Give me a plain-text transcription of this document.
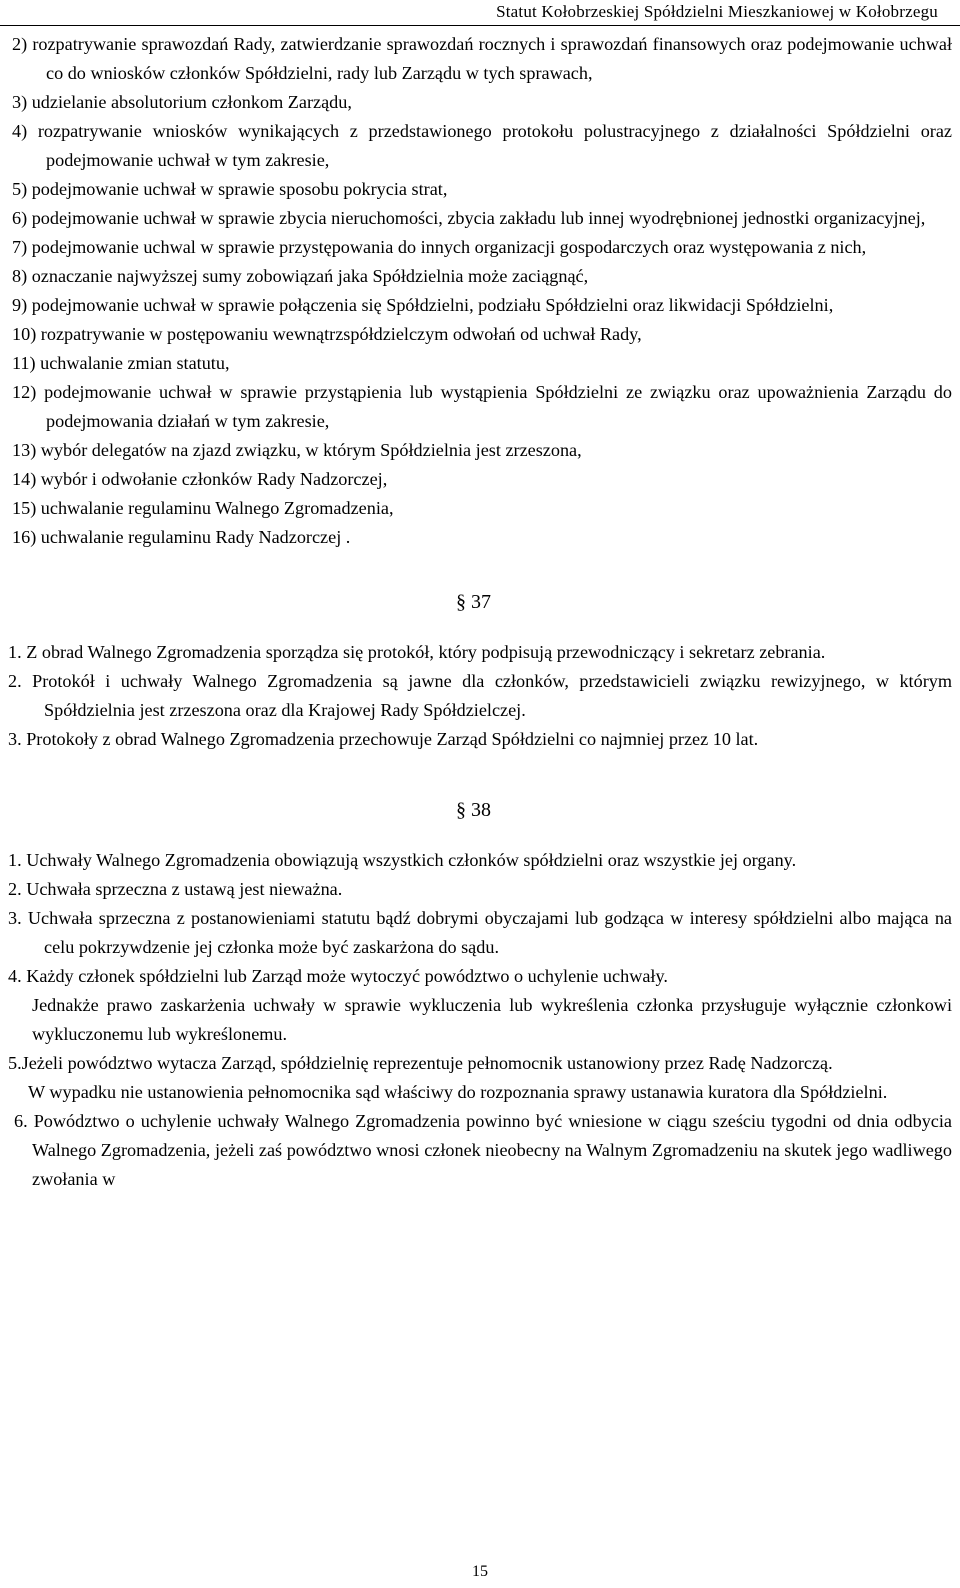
Statut Kołobrzeskiej Spółdzielni Mieszkaniowej w Kołobrzegu
2) rozpatrywanie sprawozdań Rady, zatwierdzanie sprawozdań rocznych i sprawozdań finansowych oraz podejmowanie uchwał co do wniosków członków Spółdzielni, rady lub Zarządu w tych sprawach,
3) udzielanie absolutorium członkom Zarządu,
4) rozpatrywanie wniosków wynikających z przedstawionego protokołu polustracyjnego z działalności Spółdzielni oraz podejmowanie uchwał w tym zakresie,
5) podejmowanie uchwał w sprawie sposobu pokrycia strat,
6) podejmowanie uchwał w sprawie zbycia nieruchomości, zbycia zakładu lub innej wyodrębnionej jednostki organizacyjnej,
7) podejmowanie uchwal w sprawie przystępowania do innych organizacji gospodarczych oraz występowania z nich,
8) oznaczanie najwyższej sumy zobowiązań jaka Spółdzielnia może zaciągnąć,
9) podejmowanie uchwał w sprawie połączenia się Spółdzielni, podziału Spółdzielni oraz likwidacji Spółdzielni,
10) rozpatrywanie w postępowaniu wewnątrzspółdzielczym odwołań od uchwał Rady,
11) uchwalanie zmian statutu,
12) podejmowanie uchwał w sprawie przystąpienia lub wystąpienia Spółdzielni ze związku oraz upoważnienia Zarządu do podejmowania działań w tym zakresie,
13) wybór delegatów na zjazd związku, w którym Spółdzielnia jest zrzeszona,
14) wybór i odwołanie członków Rady Nadzorczej,
15) uchwalanie regulaminu Walnego Zgromadzenia,
16) uchwalanie regulaminu Rady Nadzorczej .
§ 37
1. Z obrad Walnego Zgromadzenia sporządza się protokół, który podpisują przewodniczący i sekretarz zebrania.
2. Protokół i uchwały Walnego Zgromadzenia są jawne dla członków, przedstawicieli związku rewizyjnego, w którym Spółdzielnia jest zrzeszona oraz dla Krajowej Rady Spółdzielczej.
3. Protokoły z obrad Walnego Zgromadzenia przechowuje Zarząd Spółdzielni co najmniej przez 10 lat.
§ 38
1. Uchwały Walnego Zgromadzenia obowiązują wszystkich członków spółdzielni oraz wszystkie jej organy.
2. Uchwała sprzeczna z ustawą jest nieważna.
3. Uchwała sprzeczna z postanowieniami statutu bądź dobrymi obyczajami lub godząca w interesy spółdzielni albo mająca na celu pokrzywdzenie jej członka może być zaskarżona do sądu.
4. Każdy członek spółdzielni lub Zarząd może wytoczyć powództwo o uchylenie uchwały.
Jednakże prawo zaskarżenia uchwały w sprawie wykluczenia lub wykreślenia członka przysługuje wyłącznie członkowi wykluczonemu lub wykreślonemu.
5.Jeżeli powództwo wytacza Zarząd, spółdzielnię reprezentuje pełnomocnik ustanowiony przez Radę Nadzorczą.
W wypadku nie ustanowienia pełnomocnika sąd właściwy do rozpoznania sprawy ustanawia kuratora dla Spółdzielni.
6. Powództwo o uchylenie uchwały Walnego Zgromadzenia powinno być wniesione w ciągu sześciu tygodni od dnia odbycia Walnego Zgromadzenia, jeżeli zaś powództwo wnosi członek nieobecny na Walnym Zgromadzeniu na skutek jego wadliwego zwołania w
15
